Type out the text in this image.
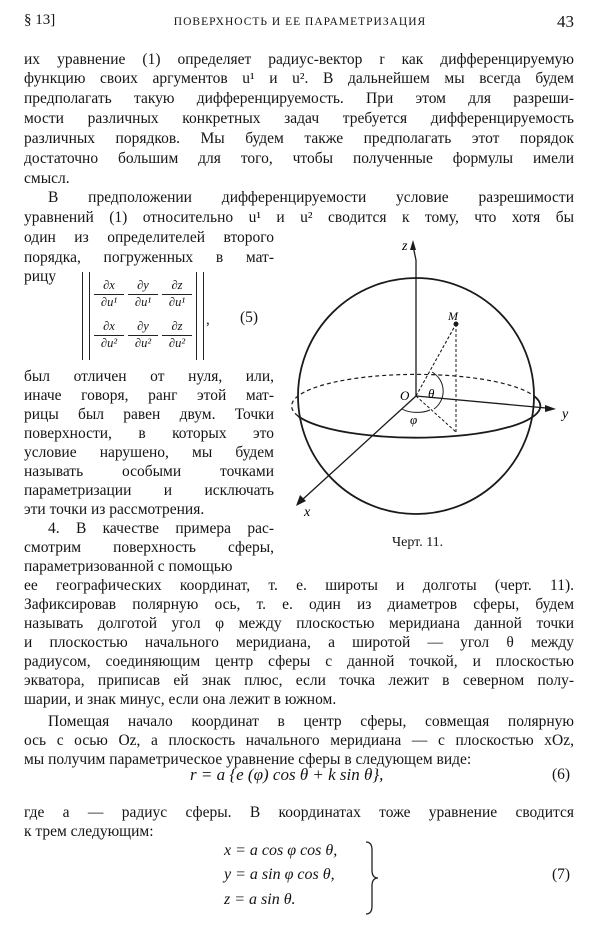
§ 13]	ПОВЕРХНОСТЬ И ЕЕ ПАРАМЕТРИЗАЦИЯ	43
их уравнение (1) определяет радиус-вектор r как дифференцируемую
функцию своих аргументов u¹ и u². В дальнейшем мы всегда будем
предполагать такую дифференцируемость. При этом для разреши-
мости различных конкретных задач требуется дифференцируемость
различных порядков. Мы будем также предполагать этот порядок
достаточно большим для того, чтобы полученные формулы имели
смысл.
В предположении дифференцируемости условие разрешимости
уравнений (1) относительно u¹ и u² сводится к тому, что хотя бы
один из определителей второго
порядка, погруженных в мат-
рицу
$\frac{\partial x}{\text{∂u¹}} \frac{\partial y}{\text{∂u¹}} \frac{\partial z}{\text{∂u¹}}$
$\frac{\partial x}{\text{∂u²}} \frac{\partial y}{\text{∂u²}} \frac{\partial z}{\text{∂u²}}$ , (5)
был отличен от нуля, или,
иначе говоря, ранг этой мат-
рицы был равен двум. Точки
поверхности, в которых это
условие нарушено, мы будем
называть особыми точками
параметризации и исключать
эти точки из рассмотрения.
4. В качестве примера рас-
смотрим поверхность сферы,
параметризованной с помощью
ее географических координат, т. е. широты и долготы (черт. 11).
Зафиксировав полярную ось, т. е. один из диаметров сферы, будем
называть долготой угол φ между плоскостью меридиана данной точки
и плоскостью начального меридиана, а широтой — угол θ между
радиусом, соединяющим центр сферы с данной точкой, и плоскостью
экватора, приписав ей знак плюс, если точка лежит в северном полу-
шарии, и знак минус, если она лежит в южном.
Помещая начало координат в центр сферы, совмещая полярную
ось с осью Oz, а плоскость начального меридиана — с плоскостью xOz,
мы получим параметрическое уравнение сферы в следующем виде:
r = a {e (φ) cos θ + k sin θ},	(6)
где a — радиус сферы. В координатах тоже уравнение сводится
к трем следующим:
x = a cos φ cos θ,
y = a sin φ cos θ,
z = a sin θ.
(7)
z
y
x
O
M
θ
φ
Черт. 11.
